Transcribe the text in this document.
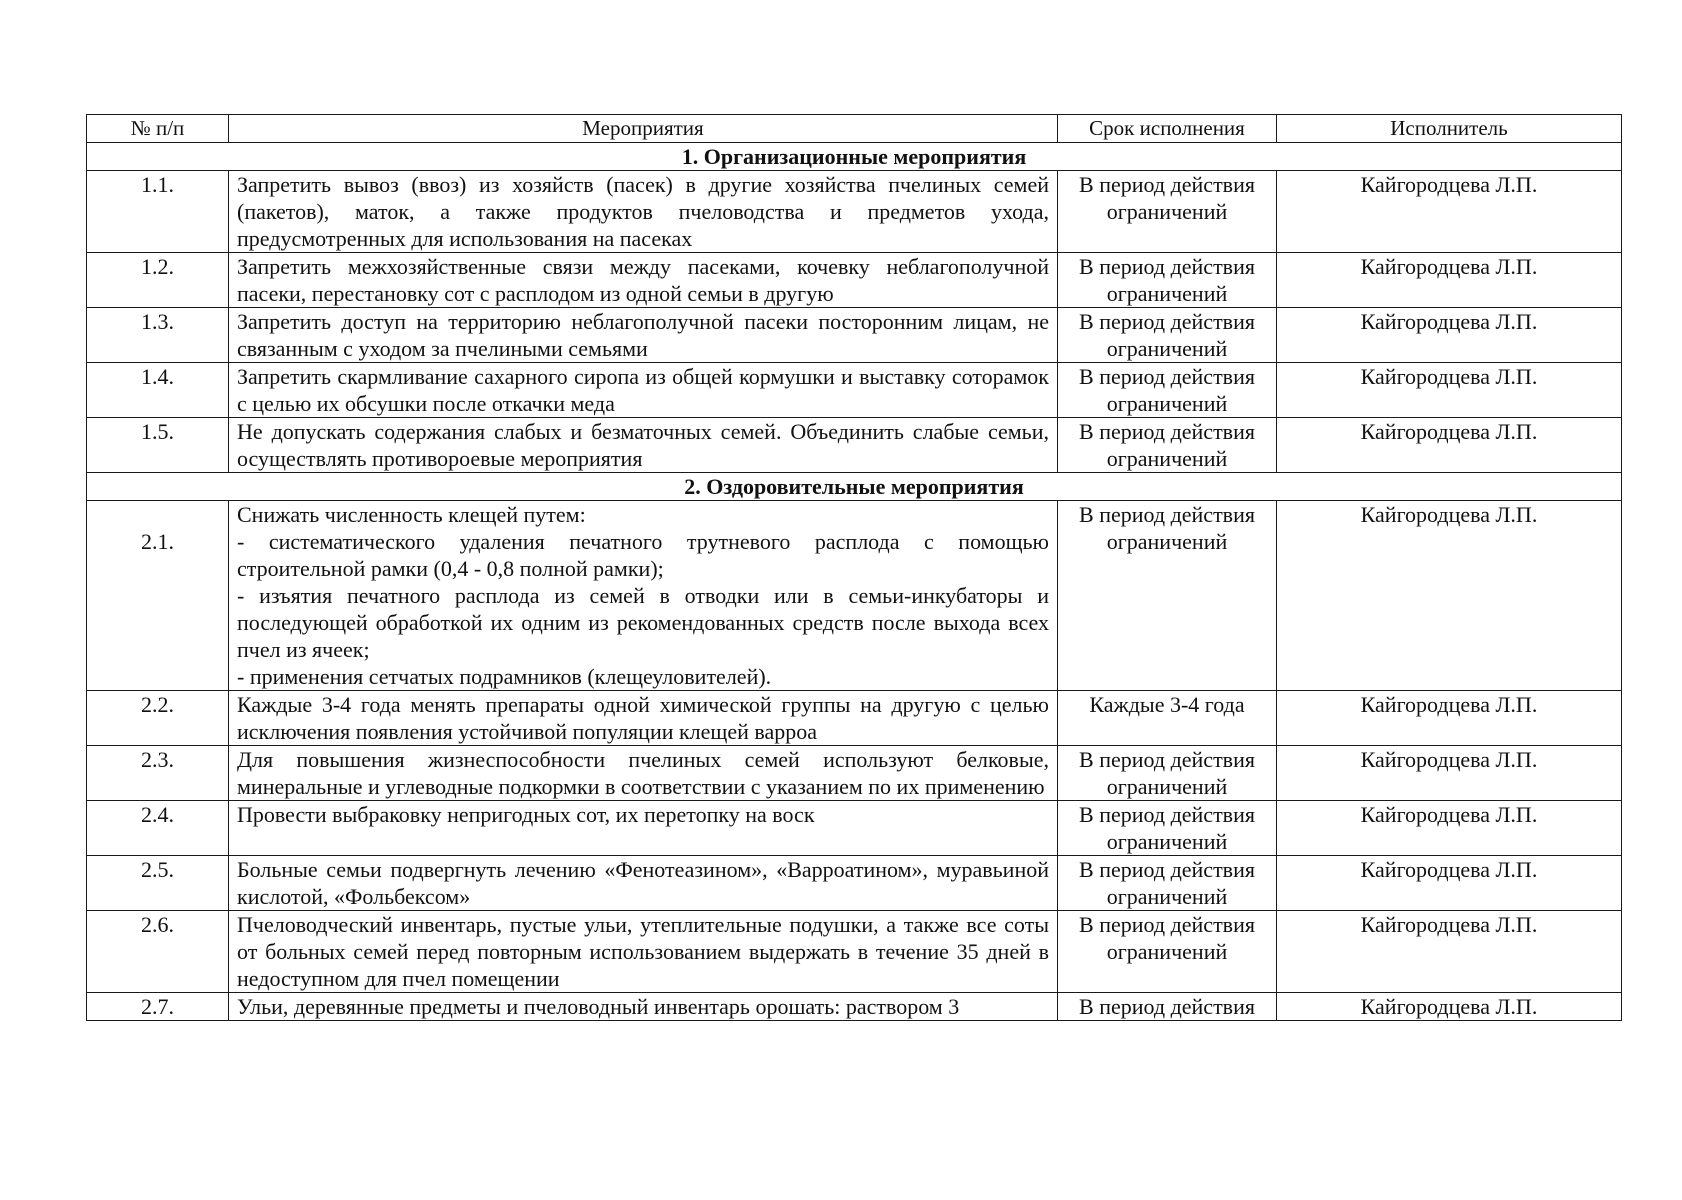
№ п/п	Мероприятия	Срок исполнения	Исполнитель
1. Организационные мероприятия			
1.1.	Запретить вывоз (ввоз) из хозяйств (пасек) в другие хозяйства пчелиных семей (пакетов), маток, а также продуктов пчеловодства и предметов ухода, предусмотренных для использования на пасеках	В период действия ограничений	Кайгородцева Л.П.
1.2.	Запретить межхозяйственные связи между пасеками, кочевку неблагополучной пасеки, перестановку сот с расплодом из одной семьи в другую	В период действия ограничений	Кайгородцева Л.П.
1.3.	Запретить доступ на территорию неблагополучной пасеки посторонним лицам, не связанным с уходом за пчелиными семьями	В период действия ограничений	Кайгородцева Л.П.
1.4.	Запретить скармливание сахарного сиропа из общей кормушки и выставку соторамок с целью их обсушки после откачки меда	В период действия ограничений	Кайгородцева Л.П.
1.5.	Не допускать содержания слабых и безматочных семей. Объединить слабые семьи, осуществлять противороевые мероприятия	В период действия ограничений	Кайгородцева Л.П.
2. Оздоровительные мероприятия			
2.1.	Снижать численность клещей путем:
- систематического удаления печатного трутневого расплода с помощью строительной рамки (0,4 - 0,8 полной рамки);
- изъятия печатного расплода из семей в отводки или в семьи-инкубаторы и последующей обработкой их одним из рекомендованных средств после выхода всех пчел из ячеек;
- применения сетчатых подрамников (клещеуловителей).	В период действия ограничений	Кайгородцева Л.П.
2.2.	Каждые 3-4 года менять препараты одной химической группы на другую с целью исключения появления устойчивой популяции клещей варроа	Каждые 3-4 года	Кайгородцева Л.П.
2.3.	Для повышения жизнеспособности пчелиных семей используют белковые, минеральные и углеводные подкормки в соответствии с указанием по их применению	В период действия ограничений	Кайгородцева Л.П.
2.4.	Провести выбраковку непригодных сот, их перетопку на воск	В период действия ограничений	Кайгородцева Л.П.
2.5.	Больные семьи подвергнуть лечению «Фенотеазином», «Варроатином», муравьиной кислотой, «Фольбексом»	В период действия ограничений	Кайгородцева Л.П.
2.6.	Пчеловодческий инвентарь, пустые ульи, утеплительные подушки, а также все соты от больных семей перед повторным использованием выдержать в течение 35 дней в недоступном для пчел помещении	В период действия ограничений	Кайгородцева Л.П.
2.7.	Ульи, деревянные предметы и пчеловодный инвентарь орошать: раствором 3	В период действия	Кайгородцева Л.П.
